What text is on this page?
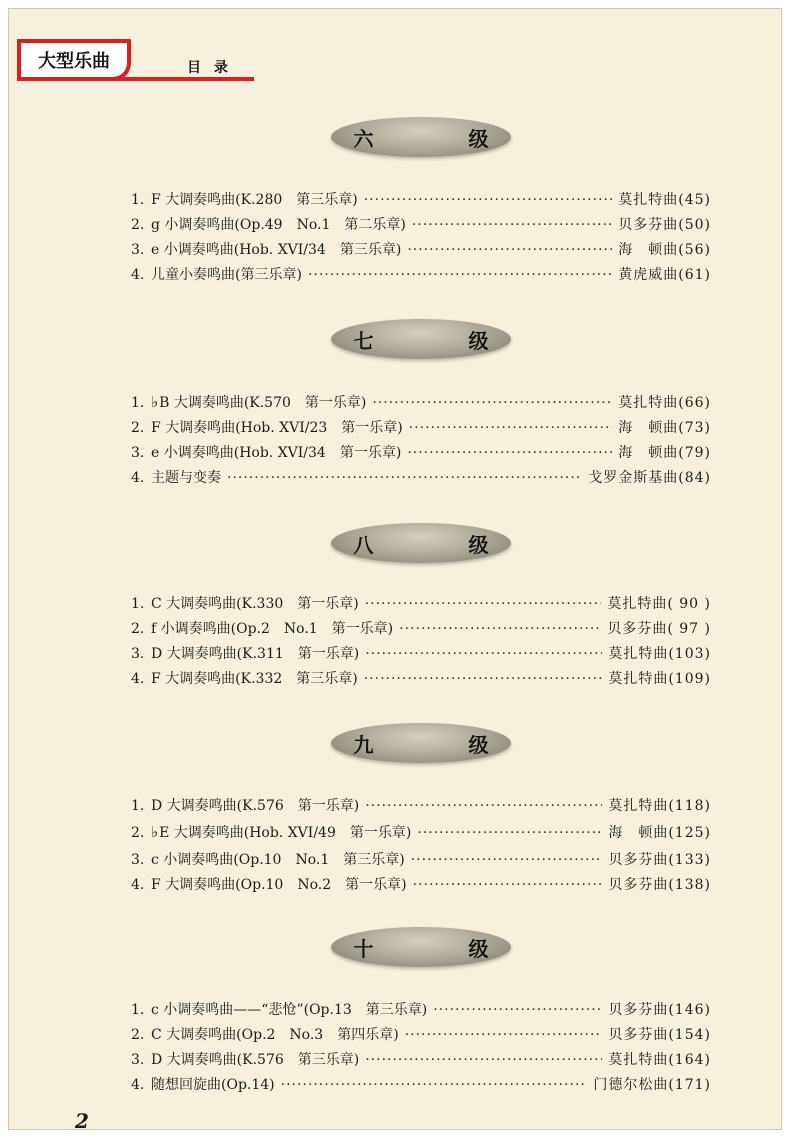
大型乐曲	目 录
六 级
1. F 大调奏鸣曲(K.280　第三乐章) ·····	莫扎特曲(45)
2. g 小调奏鸣曲(Op.49　No.1　第二乐章) ·····	贝多芬曲(50)
3. e 小调奏鸣曲(Hob. XVI/34　第三乐章) ·····	海　顿曲(56)
4. 儿童小奏鸣曲(第三乐章) ·····	黄虎威曲(61)
七 级
1. ♭ B 大调奏鸣曲(K.570　第一乐章) ·····	莫扎特曲(66)
2. F 大调奏鸣曲(Hob. XVI/23　第一乐章) ·····	海　顿曲(73)
3. e 小调奏鸣曲(Hob. XVI/34　第一乐章) ·····	海　顿曲(79)
4. 主题与变奏 ·····	戈罗金斯基曲(84)
八 级
1. C 大调奏鸣曲(K.330　第一乐章) ·····	莫扎特曲( 90 )
2. f 小调奏鸣曲(Op.2　No.1　第一乐章) ·····	贝多芬曲( 97 )
3. D 大调奏鸣曲(K.311　第一乐章) ·····	莫扎特曲(103)
4. F 大调奏鸣曲(K.332　第三乐章) ·····	莫扎特曲(109)
九 级
1. D 大调奏鸣曲(K.576　第一乐章) ·····	莫扎特曲(118)
2. ♭ E 大调奏鸣曲(Hob. XVI/49　第一乐章) ·····	海　顿曲(125)
3. c 小调奏鸣曲(Op.10　No.1　第三乐章) ·····	贝多芬曲(133)
4. F 大调奏鸣曲(Op.10　No.2　第一乐章) ·····	贝多芬曲(138)
十 级
1. c 小调奏鸣曲——“悲怆”(Op.13　第三乐章) ·····	贝多芬曲(146)
2. C 大调奏鸣曲(Op.2　No.3　第四乐章) ·····	贝多芬曲(154)
3. D 大调奏鸣曲(K.576　第三乐章) ·····	莫扎特曲(164)
4. 随想回旋曲(Op.14) ·····	门德尔松曲(171)
2
